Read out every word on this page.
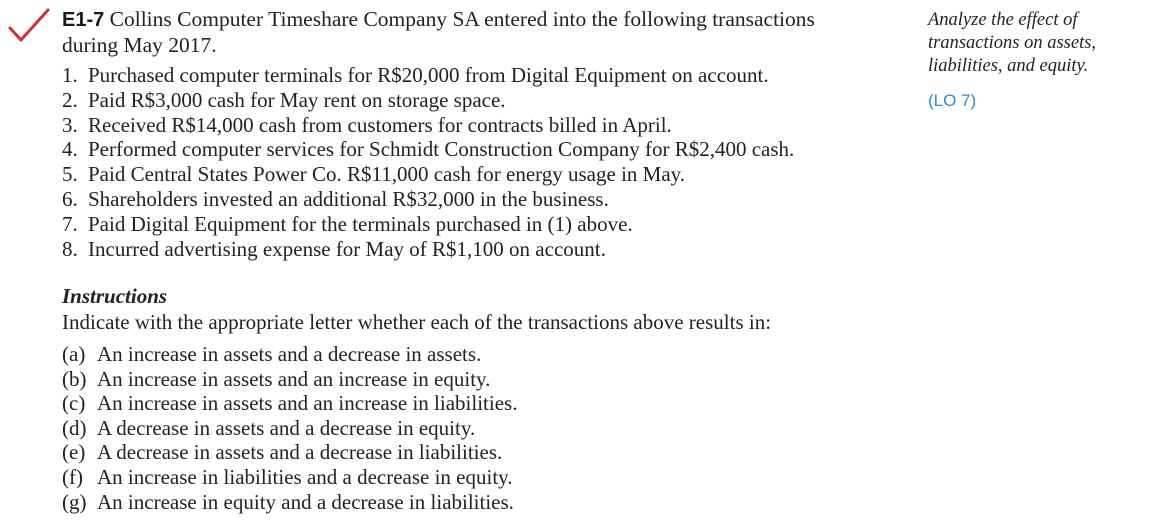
E1-7 Collins Computer Timeshare Company SA entered into the following transactions
during May 2017.
1. Purchased computer terminals for R$20,000 from Digital Equipment on account.
2. Paid R$3,000 cash for May rent on storage space.
3. Received R$14,000 cash from customers for contracts billed in April.
4. Performed computer services for Schmidt Construction Company for R$2,400 cash.
5. Paid Central States Power Co. R$11,000 cash for energy usage in May.
6. Shareholders invested an additional R$32,000 in the business.
7. Paid Digital Equipment for the terminals purchased in (1) above.
8. Incurred advertising expense for May of R$1,100 on account.
Instructions

Indicate with the appropriate letter whether each of the transactions above results in:

(a) An increase in assets and a decrease in assets.
(b) An increase in assets and an increase in equity.
(c) An increase in assets and an increase in liabilities.
(d) A decrease in assets and a decrease in equity.
(e) A decrease in assets and a decrease in liabilities.
(f) An increase in liabilities and a decrease in equity.
(g) An increase in equity and a decrease in liabilities.

Analyze the effect of

transactions on assets,

liabilities, and equity.

(LO 7)
